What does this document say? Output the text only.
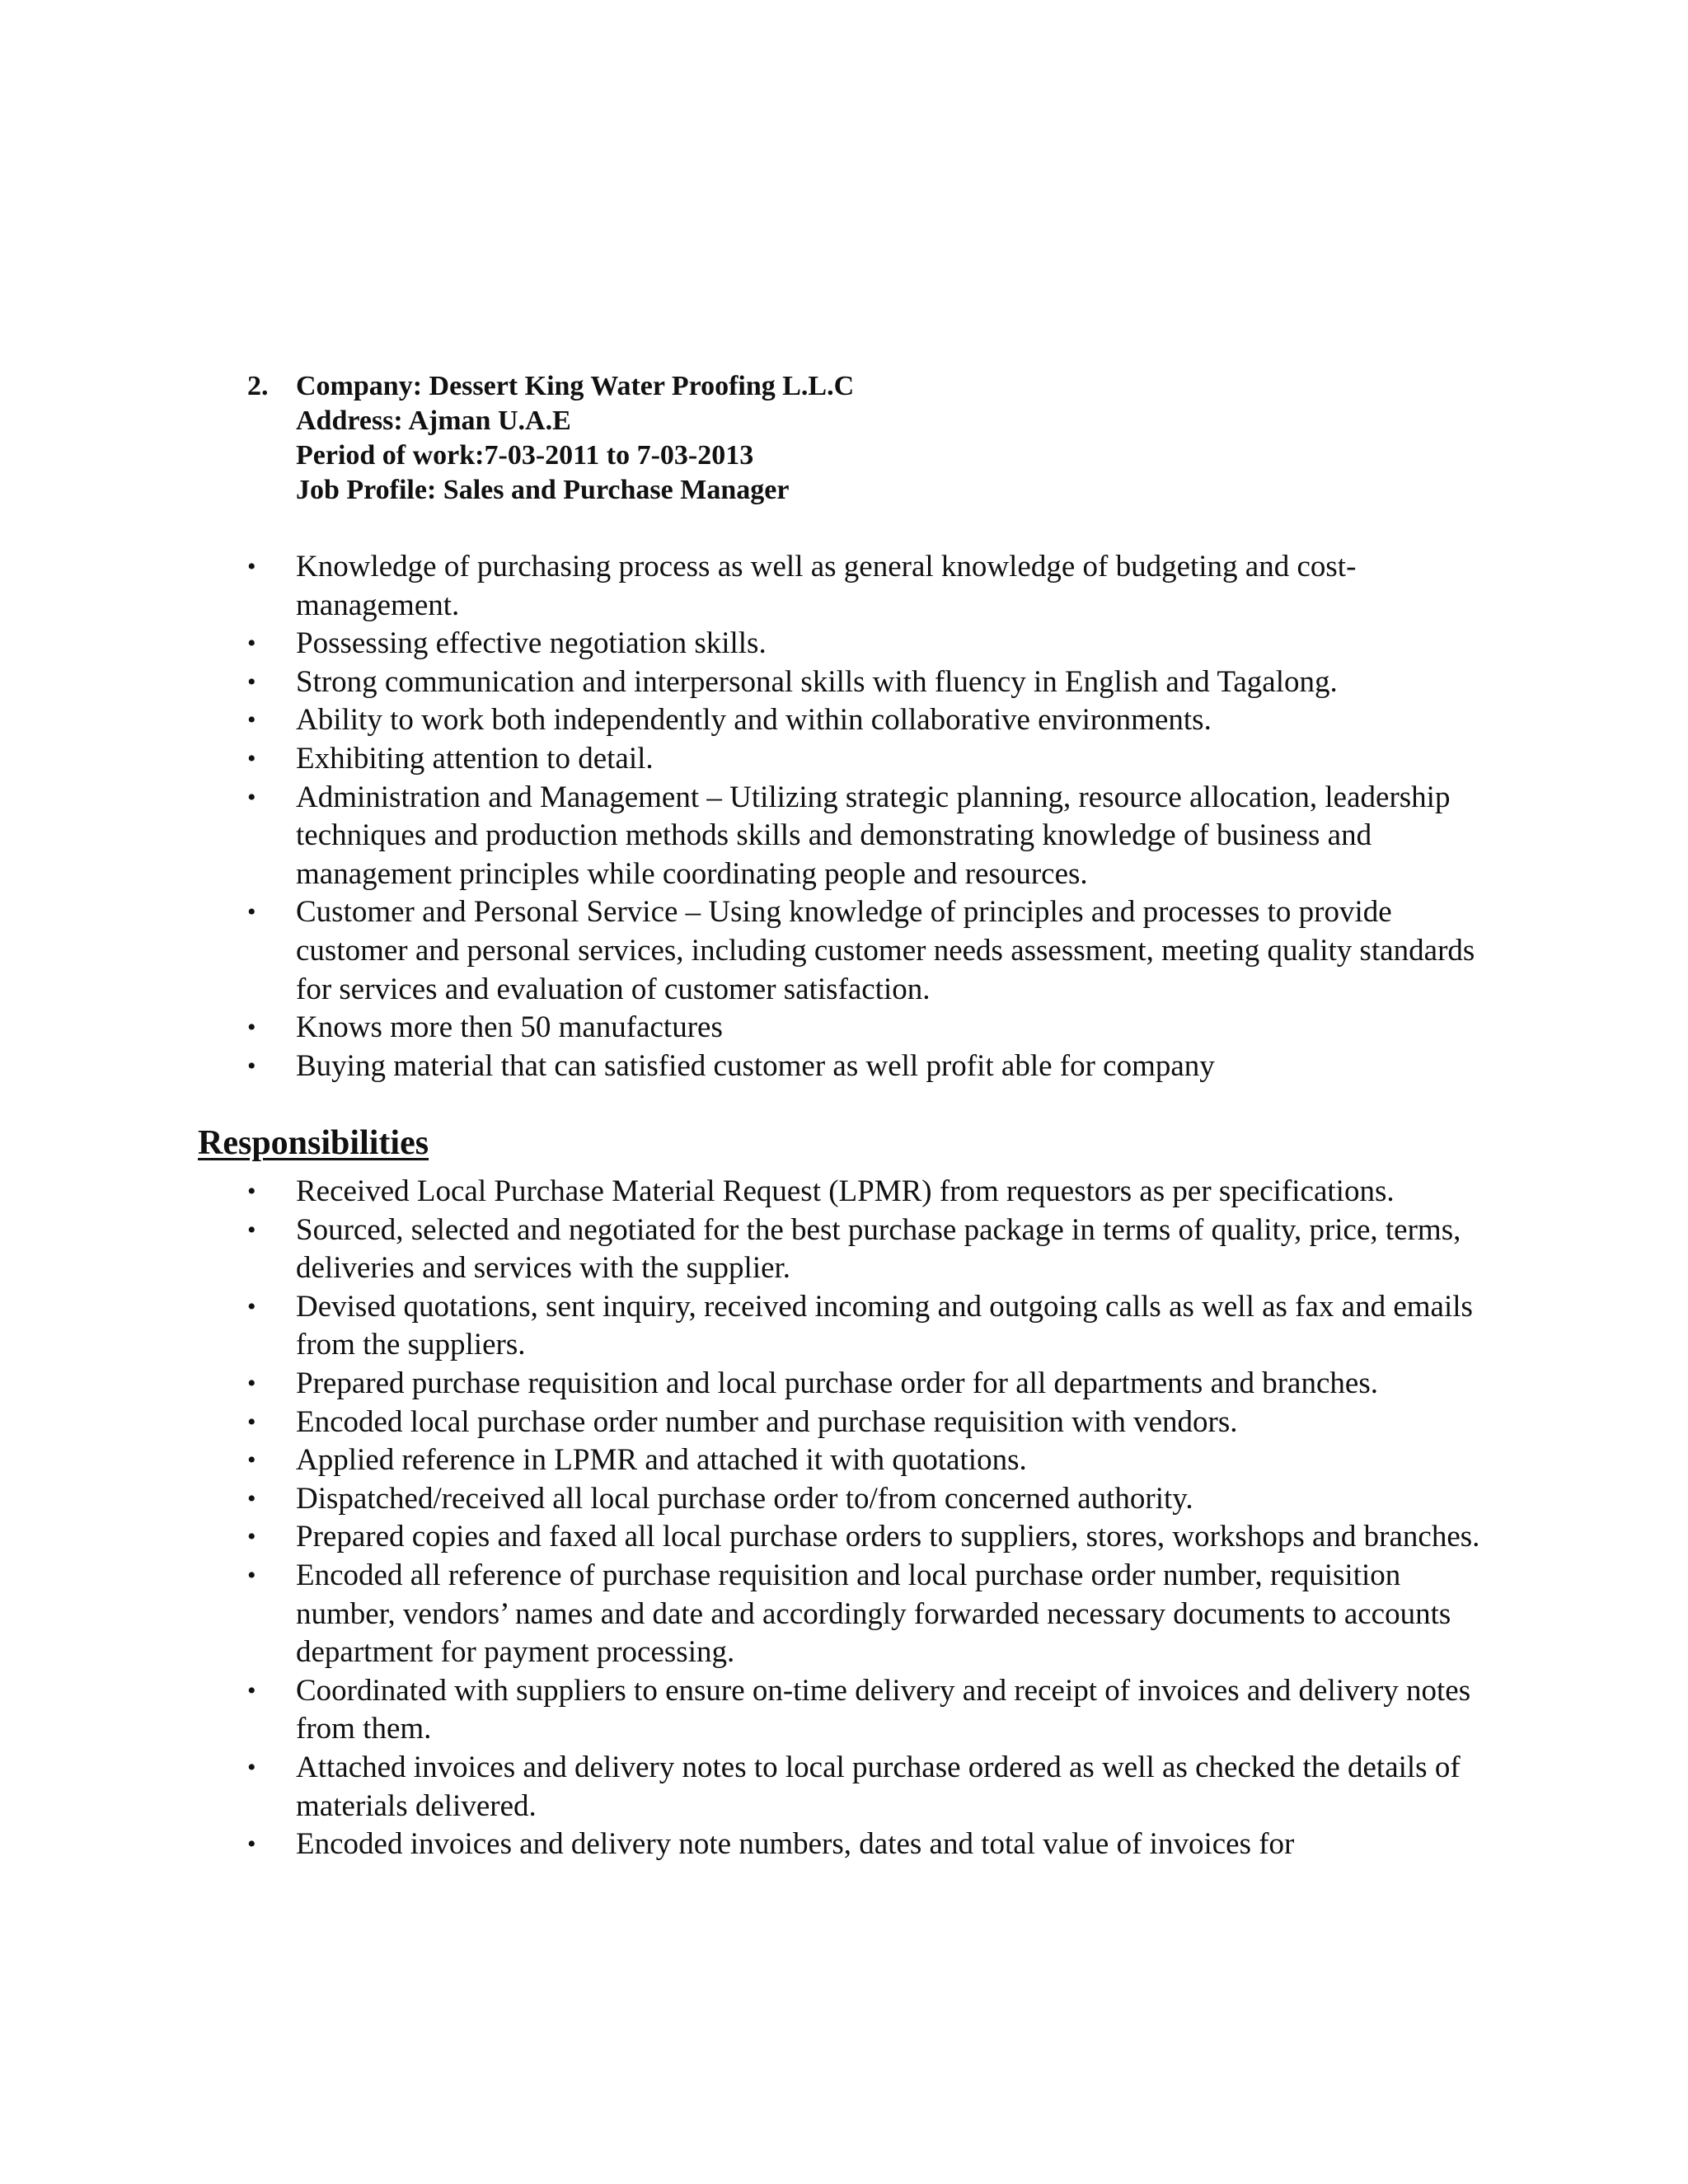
2. Company: Dessert King Water Proofing L.L.C
Address: Ajman U.A.E
Period of work:7-03-2011 to 7-03-2013
Job Profile: Sales and Purchase Manager
•	Knowledge of purchasing process as well as general knowledge of budgeting and cost-management.
•	Possessing effective negotiation skills.
•	Strong communication and interpersonal skills with fluency in English and Tagalong.
•	Ability to work both independently and within collaborative environments.
•	Exhibiting attention to detail.
•	Administration and Management – Utilizing strategic planning, resource allocation, leadership techniques and production methods skills and demonstrating knowledge of business and management principles while coordinating people and resources.
•	Customer and Personal Service – Using knowledge of principles and processes to provide customer and personal services, including customer needs assessment, meeting quality standards for services and evaluation of customer satisfaction.
•	Knows more then 50 manufactures
•	Buying material that can satisfied customer as well profit able for company
Responsibilities
•	Received Local Purchase Material Request (LPMR) from requestors as per specifications.
•	Sourced, selected and negotiated for the best purchase package in terms of quality, price, terms, deliveries and services with the supplier.
•	Devised quotations, sent inquiry, received incoming and outgoing calls as well as fax and emails from the suppliers.
•	Prepared purchase requisition and local purchase order for all departments and branches.
•	Encoded local purchase order number and purchase requisition with vendors.
•	Applied reference in LPMR and attached it with quotations.
•	Dispatched/received all local purchase order to/from concerned authority.
•	Prepared copies and faxed all local purchase orders to suppliers, stores, workshops and branches.
•	Encoded all reference of purchase requisition and local purchase order number, requisition number, vendors’ names and date and accordingly forwarded necessary documents to accounts department for payment processing.
•	Coordinated with suppliers to ensure on-time delivery and receipt of invoices and delivery notes from them.
•	Attached invoices and delivery notes to local purchase ordered as well as checked the details of materials delivered.
•	Encoded invoices and delivery note numbers, dates and total value of invoices for
